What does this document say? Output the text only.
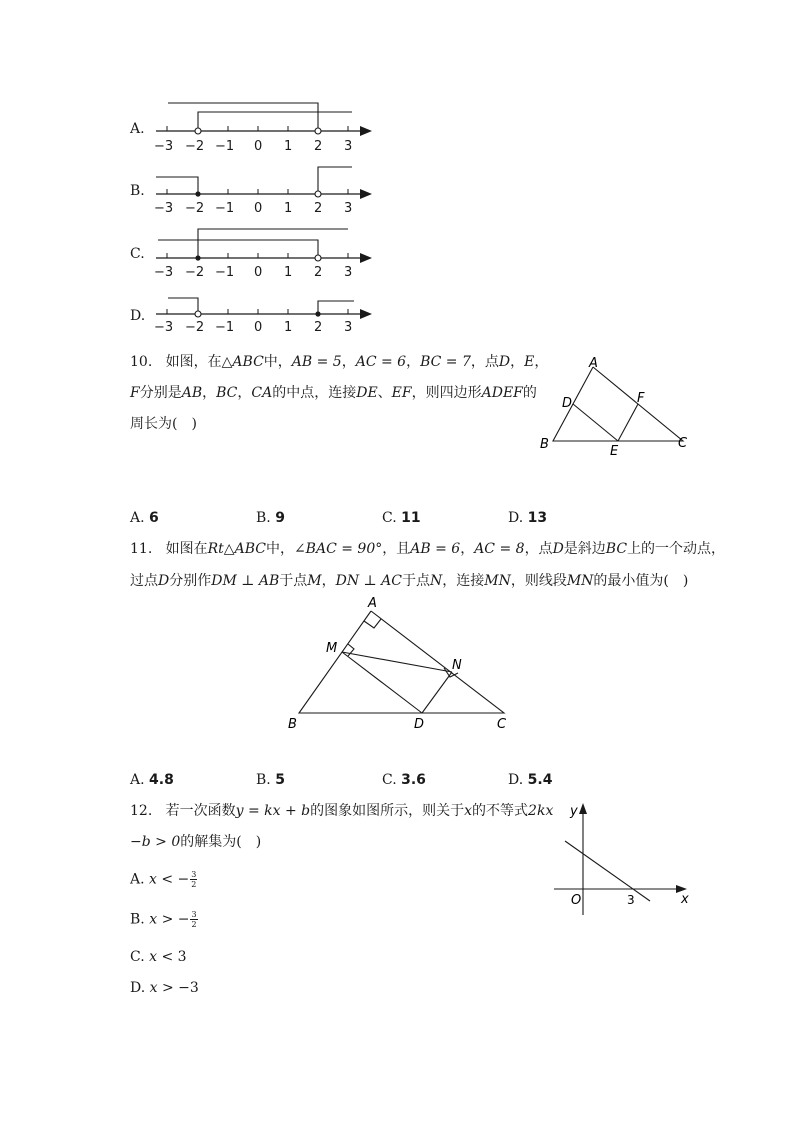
A.
−3 −2 −1 0 1 2 3
B.
−3 −2 −1 0 1 2 3
C.
−3 −2 −1 0 1 2 3
D.
−3 −2 −1 0 1 2 3
10. 如图，在△ABC中，AB = 5，AC = 6，BC = 7，点D，E，
F分别是AB，BC，CA的中点，连接DE、EF，则四边形ADEF的
周长为(　)
A
D	F
B	E
C
A. 6	B. 9	C. 11	D. 13
11. 如图在Rt△ABC中，∠BAC = 90°，且AB = 6，AC = 8，点D是斜边BC上的一个动点，
过点D分别作DM ⊥ AB于点M，DN ⊥ AC于点N，连接MN，则线段MN的最小值为(　)
A
M
N
B	D	C
A. 4.8	B. 5	C. 3.6	D. 5.4
12. 若一次函数y = kx + b的图象如图所示，则关于x的不等式2kx
−b > 0的解集为(　)
A. x < − $\frac{3}{2}$
B. x > − $\frac{3}{2}$
C. x < 3
D. x > −3
y
x
O	3
